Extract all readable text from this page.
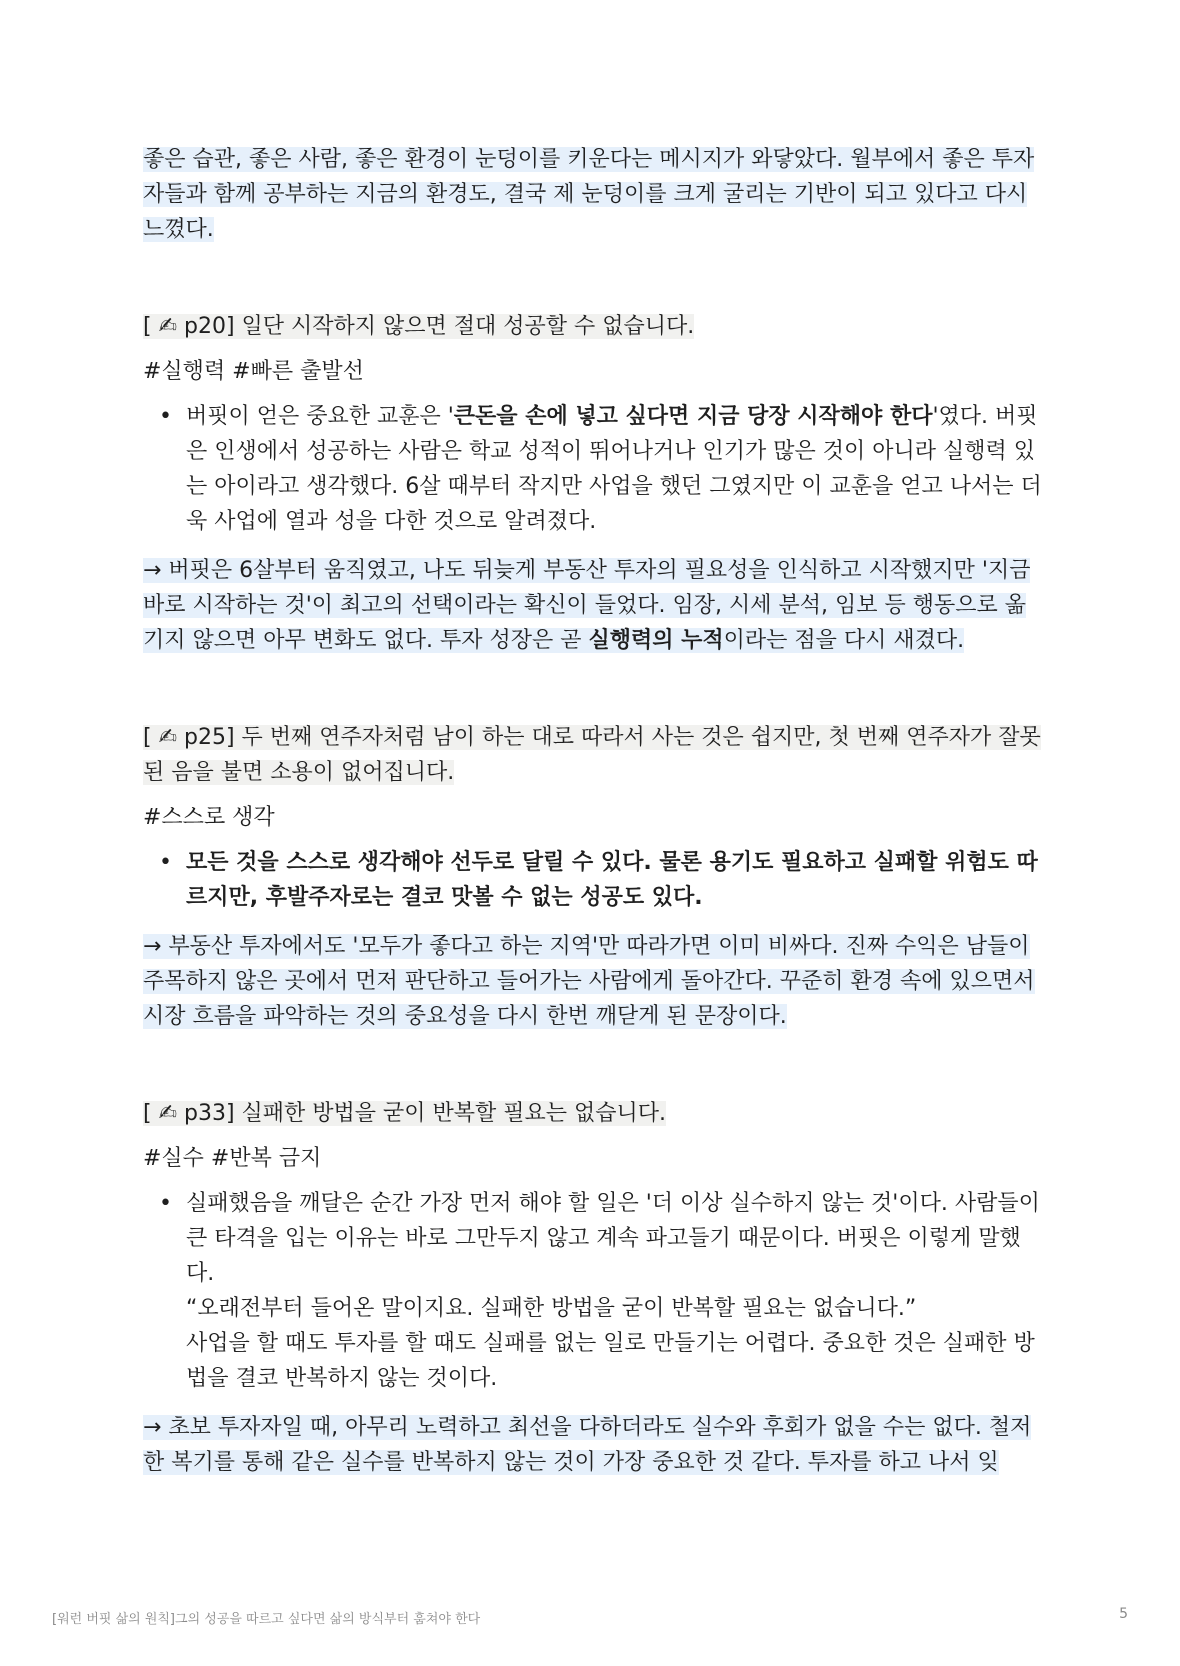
좋은 습관, 좋은 사람, 좋은 환경이 눈덩이를 키운다는 메시지가 와닿았다. 월부에서 좋은 투자자들과 함께 공부하는 지금의 환경도, 결국 제 눈덩이를 크게 굴리는 기반이 되고 있다고 다시 느꼈다.

[ ✍ p20] 일단 시작하지 않으면 절대 성공할 수 없습니다.

#실행력 #빠른 출발선

• 버핏이 얻은 중요한 교훈은 '큰돈을 손에 넣고 싶다면 지금 당장 시작해야 한다'였다. 버핏은 인생에서 성공하는 사람은 학교 성적이 뛰어나거나 인기가 많은 것이 아니라 실행력 있는 아이라고 생각했다. 6살 때부터 작지만 사업을 했던 그였지만 이 교훈을 얻고 나서는 더욱 사업에 열과 성을 다한 것으로 알려졌다.

→ 버핏은 6살부터 움직였고, 나도 뒤늦게 부동산 투자의 필요성을 인식하고 시작했지만 '지금 바로 시작하는 것'이 최고의 선택이라는 확신이 들었다. 임장, 시세 분석, 임보 등 행동으로 옮기지 않으면 아무 변화도 없다. 투자 성장은 곧 실행력의 누적이라는 점을 다시 새겼다.

[ ✍ p25] 두 번째 연주자처럼 남이 하는 대로 따라서 사는 것은 쉽지만, 첫 번째 연주자가 잘못된 음을 불면 소용이 없어집니다.

#스스로 생각

• 모든 것을 스스로 생각해야 선두로 달릴 수 있다. 물론 용기도 필요하고 실패할 위험도 따르지만, 후발주자로는 결코 맛볼 수 없는 성공도 있다.

→ 부동산 투자에서도 '모두가 좋다고 하는 지역'만 따라가면 이미 비싸다. 진짜 수익은 남들이 주목하지 않은 곳에서 먼저 판단하고 들어가는 사람에게 돌아간다. 꾸준히 환경 속에 있으면서 시장 흐름을 파악하는 것의 중요성을 다시 한번 깨닫게 된 문장이다.

[ ✍ p33] 실패한 방법을 굳이 반복할 필요는 없습니다.

#실수 #반복 금지

• 실패했음을 깨달은 순간 가장 먼저 해야 할 일은 '더 이상 실수하지 않는 것'이다. 사람들이 큰 타격을 입는 이유는 바로 그만두지 않고 계속 파고들기 때문이다. 버핏은 이렇게 말했다.
“오래전부터 들어온 말이지요. 실패한 방법을 굳이 반복할 필요는 없습니다.”
사업을 할 때도 투자를 할 때도 실패를 없는 일로 만들기는 어렵다. 중요한 것은 실패한 방법을 결코 반복하지 않는 것이다.

→ 초보 투자자일 때, 아무리 노력하고 최선을 다하더라도 실수와 후회가 없을 수는 없다. 철저한 복기를 통해 같은 실수를 반복하지 않는 것이 가장 중요한 것 같다. 투자를 하고 나서 잊

[워런 버핏 삶의 원칙]그의 성공을 따르고 싶다면 삶의 방식부터 훔쳐야 한다	5
